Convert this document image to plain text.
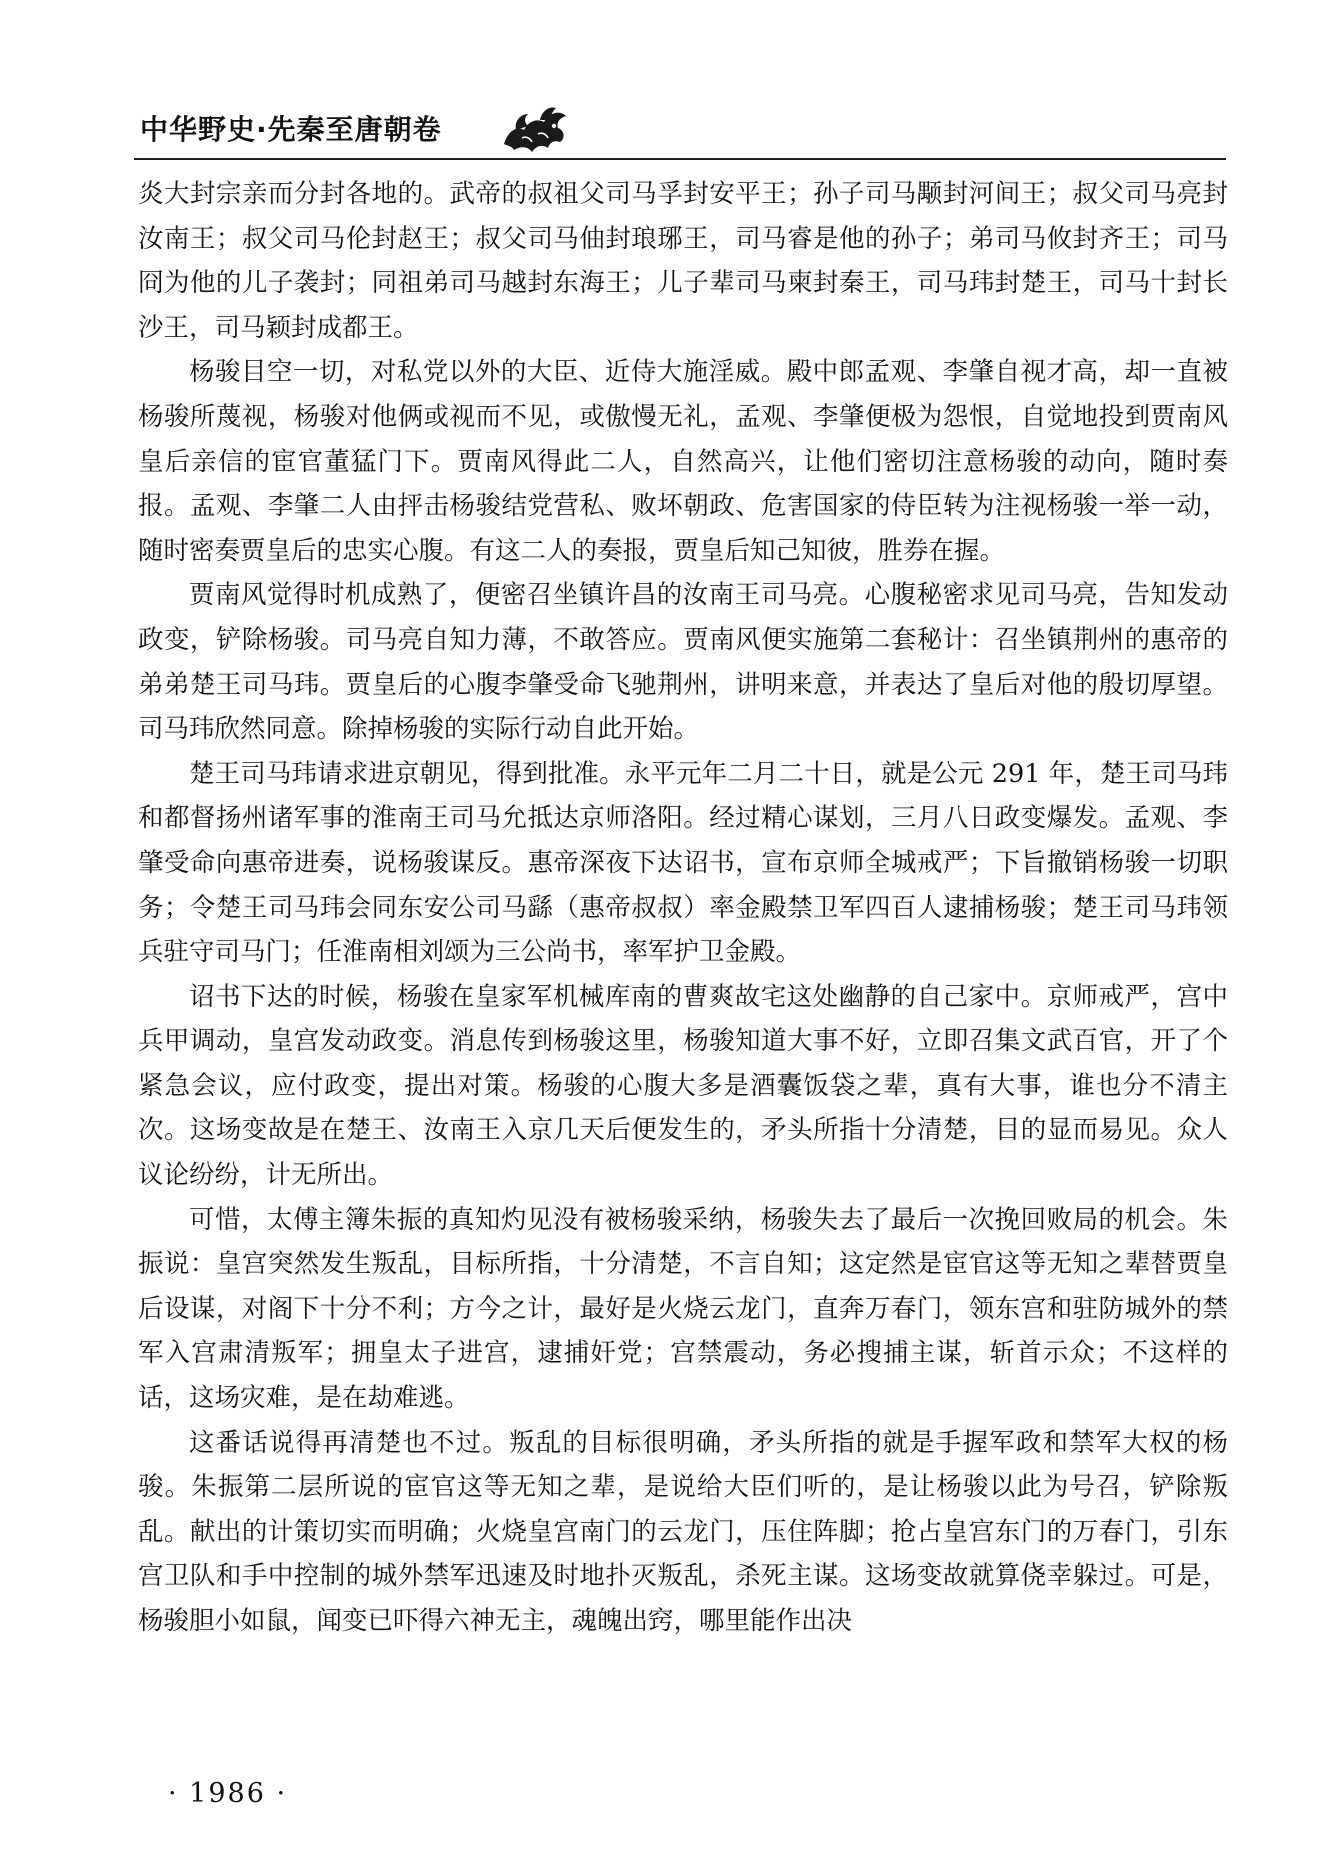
中华野史·先秦至唐朝卷

炎大封宗亲而分封各地的。武帝的叔祖父司马孚封安平王；孙子司马颙封河间王；叔父司马亮封汝南王；叔父司马伦封赵王；叔父司马伷封琅琊王，司马睿是他的孙子；弟司马攸封齐王；司马冏为他的儿子袭封；同祖弟司马越封东海王；儿子辈司马柬封秦王，司马玮封楚王，司马十封长沙王，司马颖封成都王。

杨骏目空一切，对私党以外的大臣、近侍大施淫威。殿中郎孟观、李肇自视才高，却一直被杨骏所蔑视，杨骏对他俩或视而不见，或傲慢无礼，孟观、李肇便极为怨恨，自觉地投到贾南风皇后亲信的宦官董猛门下。贾南风得此二人，自然高兴，让他们密切注意杨骏的动向，随时奏报。孟观、李肇二人由抨击杨骏结党营私、败坏朝政、危害国家的侍臣转为注视杨骏一举一动，随时密奏贾皇后的忠实心腹。有这二人的奏报，贾皇后知己知彼，胜券在握。

贾南风觉得时机成熟了，便密召坐镇许昌的汝南王司马亮。心腹秘密求见司马亮，告知发动政变，铲除杨骏。司马亮自知力薄，不敢答应。贾南风便实施第二套秘计：召坐镇荆州的惠帝的弟弟楚王司马玮。贾皇后的心腹李肇受命飞驰荆州，讲明来意，并表达了皇后对他的殷切厚望。司马玮欣然同意。除掉杨骏的实际行动自此开始。

楚王司马玮请求进京朝见，得到批准。永平元年二月二十日，就是公元 291 年，楚王司马玮和都督扬州诸军事的淮南王司马允抵达京师洛阳。经过精心谋划，三月八日政变爆发。孟观、李肇受命向惠帝进奏，说杨骏谋反。惠帝深夜下达诏书，宣布京师全城戒严；下旨撤销杨骏一切职务；令楚王司马玮会同东安公司马繇（惠帝叔叔）率金殿禁卫军四百人逮捕杨骏；楚王司马玮领兵驻守司马门；任淮南相刘颂为三公尚书，率军护卫金殿。

诏书下达的时候，杨骏在皇家军机械库南的曹爽故宅这处幽静的自己家中。京师戒严，宫中兵甲调动，皇宫发动政变。消息传到杨骏这里，杨骏知道大事不好，立即召集文武百官，开了个紧急会议，应付政变，提出对策。杨骏的心腹大多是酒囊饭袋之辈，真有大事，谁也分不清主次。这场变故是在楚王、汝南王入京几天后便发生的，矛头所指十分清楚，目的显而易见。众人议论纷纷，计无所出。

可惜，太傅主簿朱振的真知灼见没有被杨骏采纳，杨骏失去了最后一次挽回败局的机会。朱振说：皇宫突然发生叛乱，目标所指，十分清楚，不言自知；这定然是宦官这等无知之辈替贾皇后设谋，对阁下十分不利；方今之计，最好是火烧云龙门，直奔万春门，领东宫和驻防城外的禁军入宫肃清叛军；拥皇太子进宫，逮捕奸党；宫禁震动，务必搜捕主谋，斩首示众；不这样的话，这场灾难，是在劫难逃。

这番话说得再清楚也不过。叛乱的目标很明确，矛头所指的就是手握军政和禁军大权的杨骏。朱振第二层所说的宦官这等无知之辈，是说给大臣们听的，是让杨骏以此为号召，铲除叛乱。献出的计策切实而明确；火烧皇宫南门的云龙门，压住阵脚；抢占皇宫东门的万春门，引东宫卫队和手中控制的城外禁军迅速及时地扑灭叛乱，杀死主谋。这场变故就算侥幸躲过。可是，杨骏胆小如鼠，闻变已吓得六神无主，魂魄出窍，哪里能作出决

· 1986 ·
